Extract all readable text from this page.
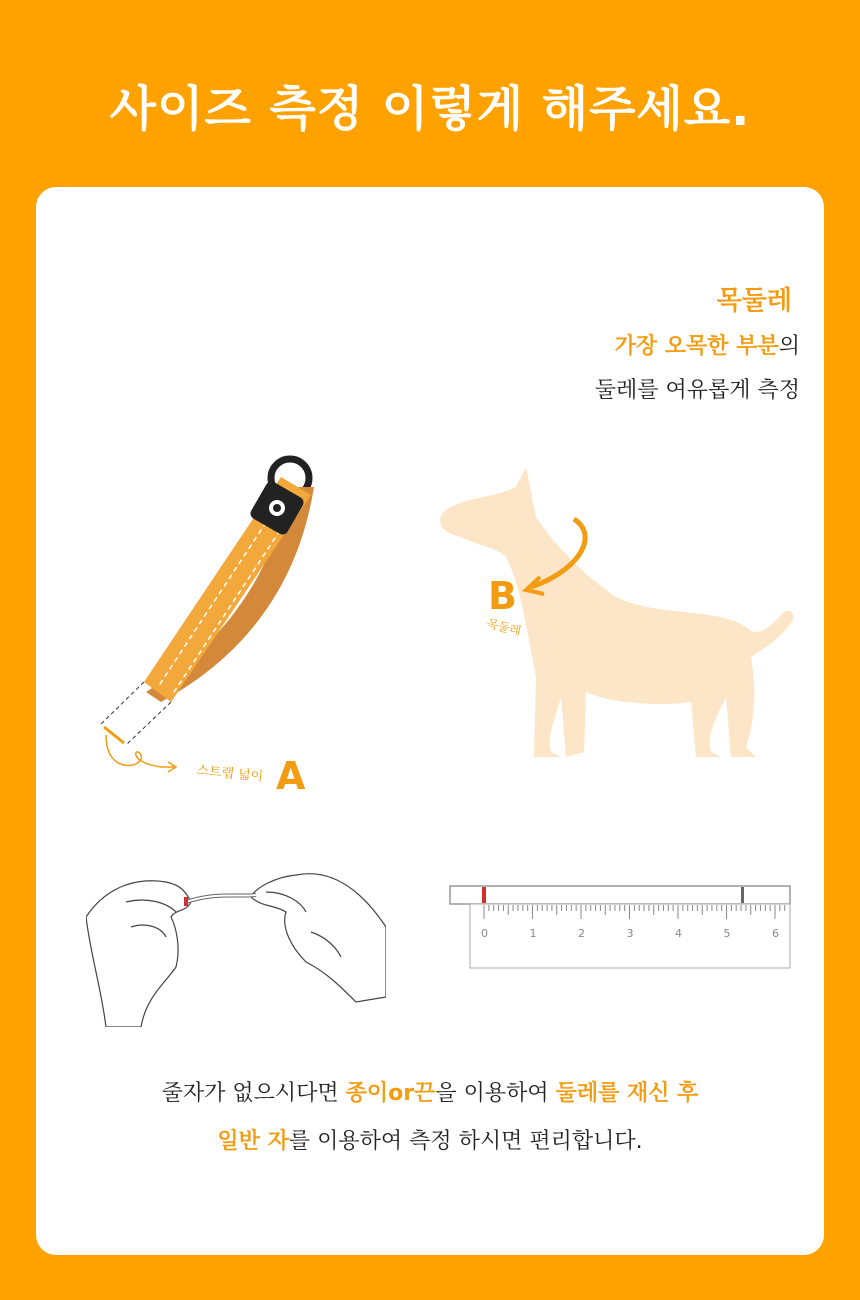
사이즈 측정 이렇게 해주세요.
목둘레
가장 오목한 부분의
둘레를 여유롭게 측정
스트랩 넓이 A
B
목둘레
0	1	2	3	4	5	6
줄자가 없으시다면 종이or끈을 이용하여 둘레를 재신 후
일반 자를 이용하여 측정 하시면 편리합니다.
